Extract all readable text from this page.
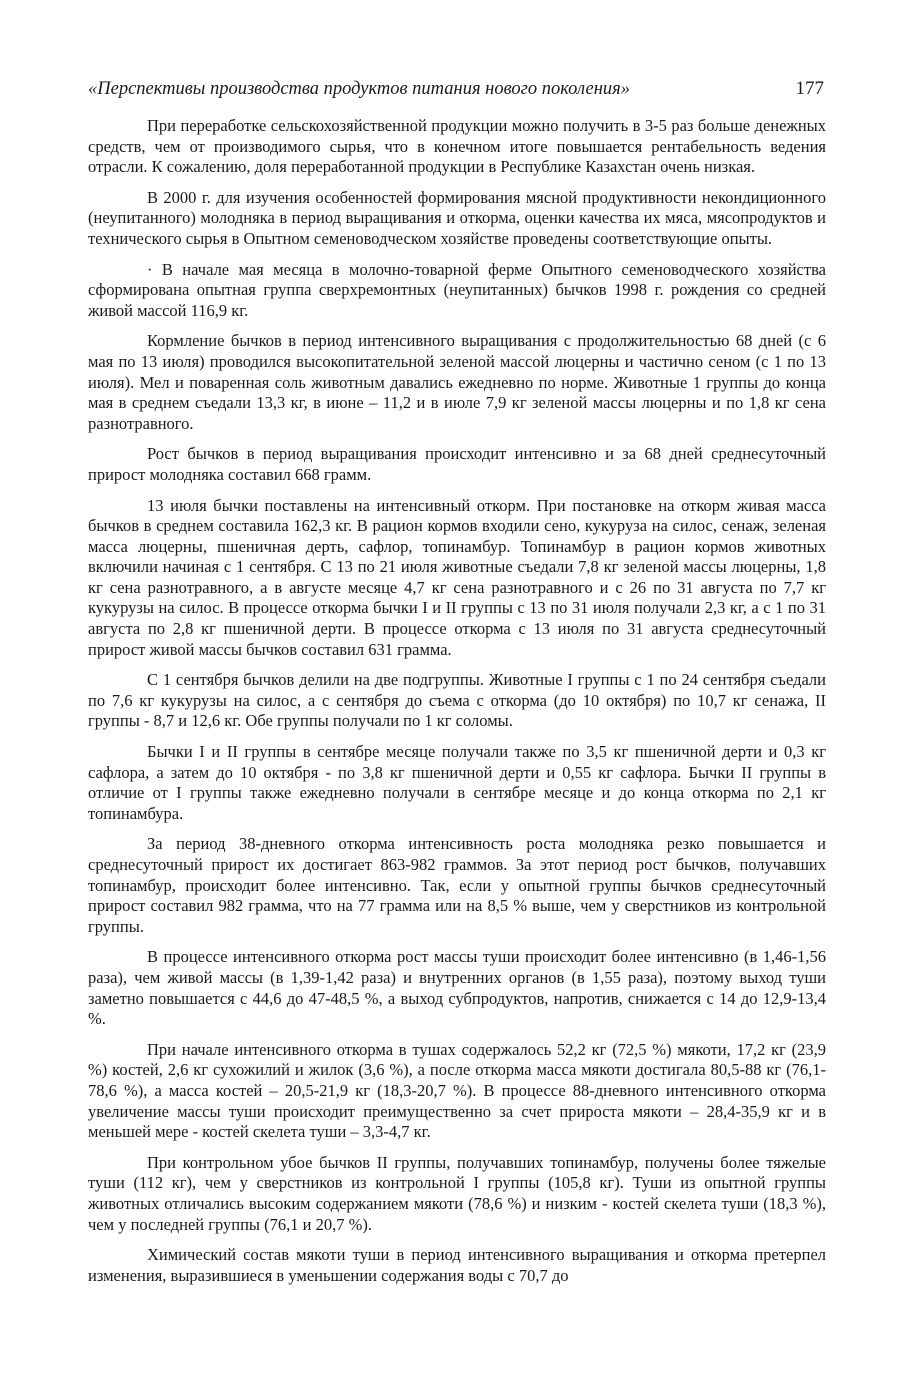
«Перспективы производства продуктов питания нового поколения»	177

При переработке сельскохозяйственной продукции можно получить в 3-5 раз больше денежных средств, чем от производимого сырья, что в конечном итоге повышается рентабельность ведения отрасли. К сожалению, доля переработанной продукции в Республике Казахстан очень низкая.

В 2000 г. для изучения особенностей формирования мясной продуктивности некондиционного (неупитанного) молодняка в период выращивания и откорма, оценки качества их мяса, мясопродуктов и технического сырья в Опытном семеноводческом хозяйстве проведены соответствующие опыты.

· В начале мая месяца в молочно-товарной ферме Опытного семеноводческого хозяйства сформирована опытная группа сверхремонтных (неупитанных) бычков 1998 г. рождения со средней живой массой 116,9 кг.

Кормление бычков в период интенсивного выращивания с продолжительностью 68 дней (с 6 мая по 13 июля) проводился высокопитательной зеленой массой люцерны и частично сеном (с 1 по 13 июля). Мел и поваренная соль животным давались ежедневно по норме. Животные 1 группы до конца мая в среднем съедали 13,3 кг, в июне – 11,2 и в июле 7,9 кг зеленой массы люцерны и по 1,8 кг сена разнотравного.

Рост бычков в период выращивания происходит интенсивно и за 68 дней среднесуточный прирост молодняка составил 668 грамм.

13 июля бычки поставлены на интенсивный откорм. При постановке на откорм живая масса бычков в среднем составила 162,3 кг. В рацион кормов входили сено, кукуруза на силос, сенаж, зеленая масса люцерны, пшеничная дерть, сафлор, топинамбур. Топинамбур в рацион кормов животных включили начиная с 1 сентября. С 13 по 21 июля животные съедали 7,8 кг зеленой массы люцерны, 1,8 кг сена разнотравного, а в августе месяце 4,7 кг сена разнотравного и с 26 по 31 августа по 7,7 кг кукурузы на силос. В процессе откорма бычки I и II группы с 13 по 31 июля получали 2,3 кг, а с 1 по 31 августа по 2,8 кг пшеничной дерти. В процессе откорма с 13 июля по 31 августа среднесуточный прирост живой массы бычков составил 631 грамма.

С 1 сентября бычков делили на две подгруппы. Животные I группы с 1 по 24 сентября съедали по 7,6 кг кукурузы на силос, а с сентября до съема с откорма (до 10 октября) по 10,7 кг сенажа, II группы - 8,7 и 12,6 кг. Обе группы получали по 1 кг соломы.

Бычки I и II группы в сентябре месяце получали также по 3,5 кг пшеничной дерти и 0,3 кг сафлора, а затем до 10 октября - по 3,8 кг пшеничной дерти и 0,55 кг сафлора. Бычки II группы в отличие от I группы также ежедневно получали в сентябре месяце и до конца откорма по 2,1 кг топинамбура.

За период 38-дневного откорма интенсивность роста молодняка резко повышается и среднесуточный прирост их достигает 863-982 граммов. За этот период рост бычков, получавших топинамбур, происходит более интенсивно. Так, если у опытной группы бычков среднесуточный прирост составил 982 грамма, что на 77 грамма или на 8,5 % выше, чем у сверстников из контрольной группы.

В процессе интенсивного откорма рост массы туши происходит более интенсивно (в 1,46-1,56 раза), чем живой массы (в 1,39-1,42 раза) и внутренних органов (в 1,55 раза), поэтому выход туши заметно повышается с 44,6 до 47-48,5 %, а выход субпродуктов, напротив, снижается с 14 до 12,9-13,4 %.

При начале интенсивного откорма в тушах содержалось 52,2 кг (72,5 %) мякоти, 17,2 кг (23,9 %) костей, 2,6 кг сухожилий и жилок (3,6 %), а после откорма масса мякоти достигала 80,5-88 кг (76,1-78,6 %), а масса костей – 20,5-21,9 кг (18,3-20,7 %). В процессе 88-дневного интенсивного откорма увеличение массы туши происходит преимущественно за счет прироста мякоти – 28,4-35,9 кг и в меньшей мере - костей скелета туши – 3,3-4,7 кг.

При контрольном убое бычков II группы, получавших топинамбур, получены более тяжелые туши (112 кг), чем у сверстников из контрольной I группы (105,8 кг). Туши из опытной группы животных отличались высоким содержанием мякоти (78,6 %) и низким - костей скелета туши (18,3 %), чем у последней группы (76,1 и 20,7 %).

Химический состав мякоти туши в период интенсивного выращивания и откорма претерпел изменения, выразившиеся в уменьшении содержания воды с 70,7 до
